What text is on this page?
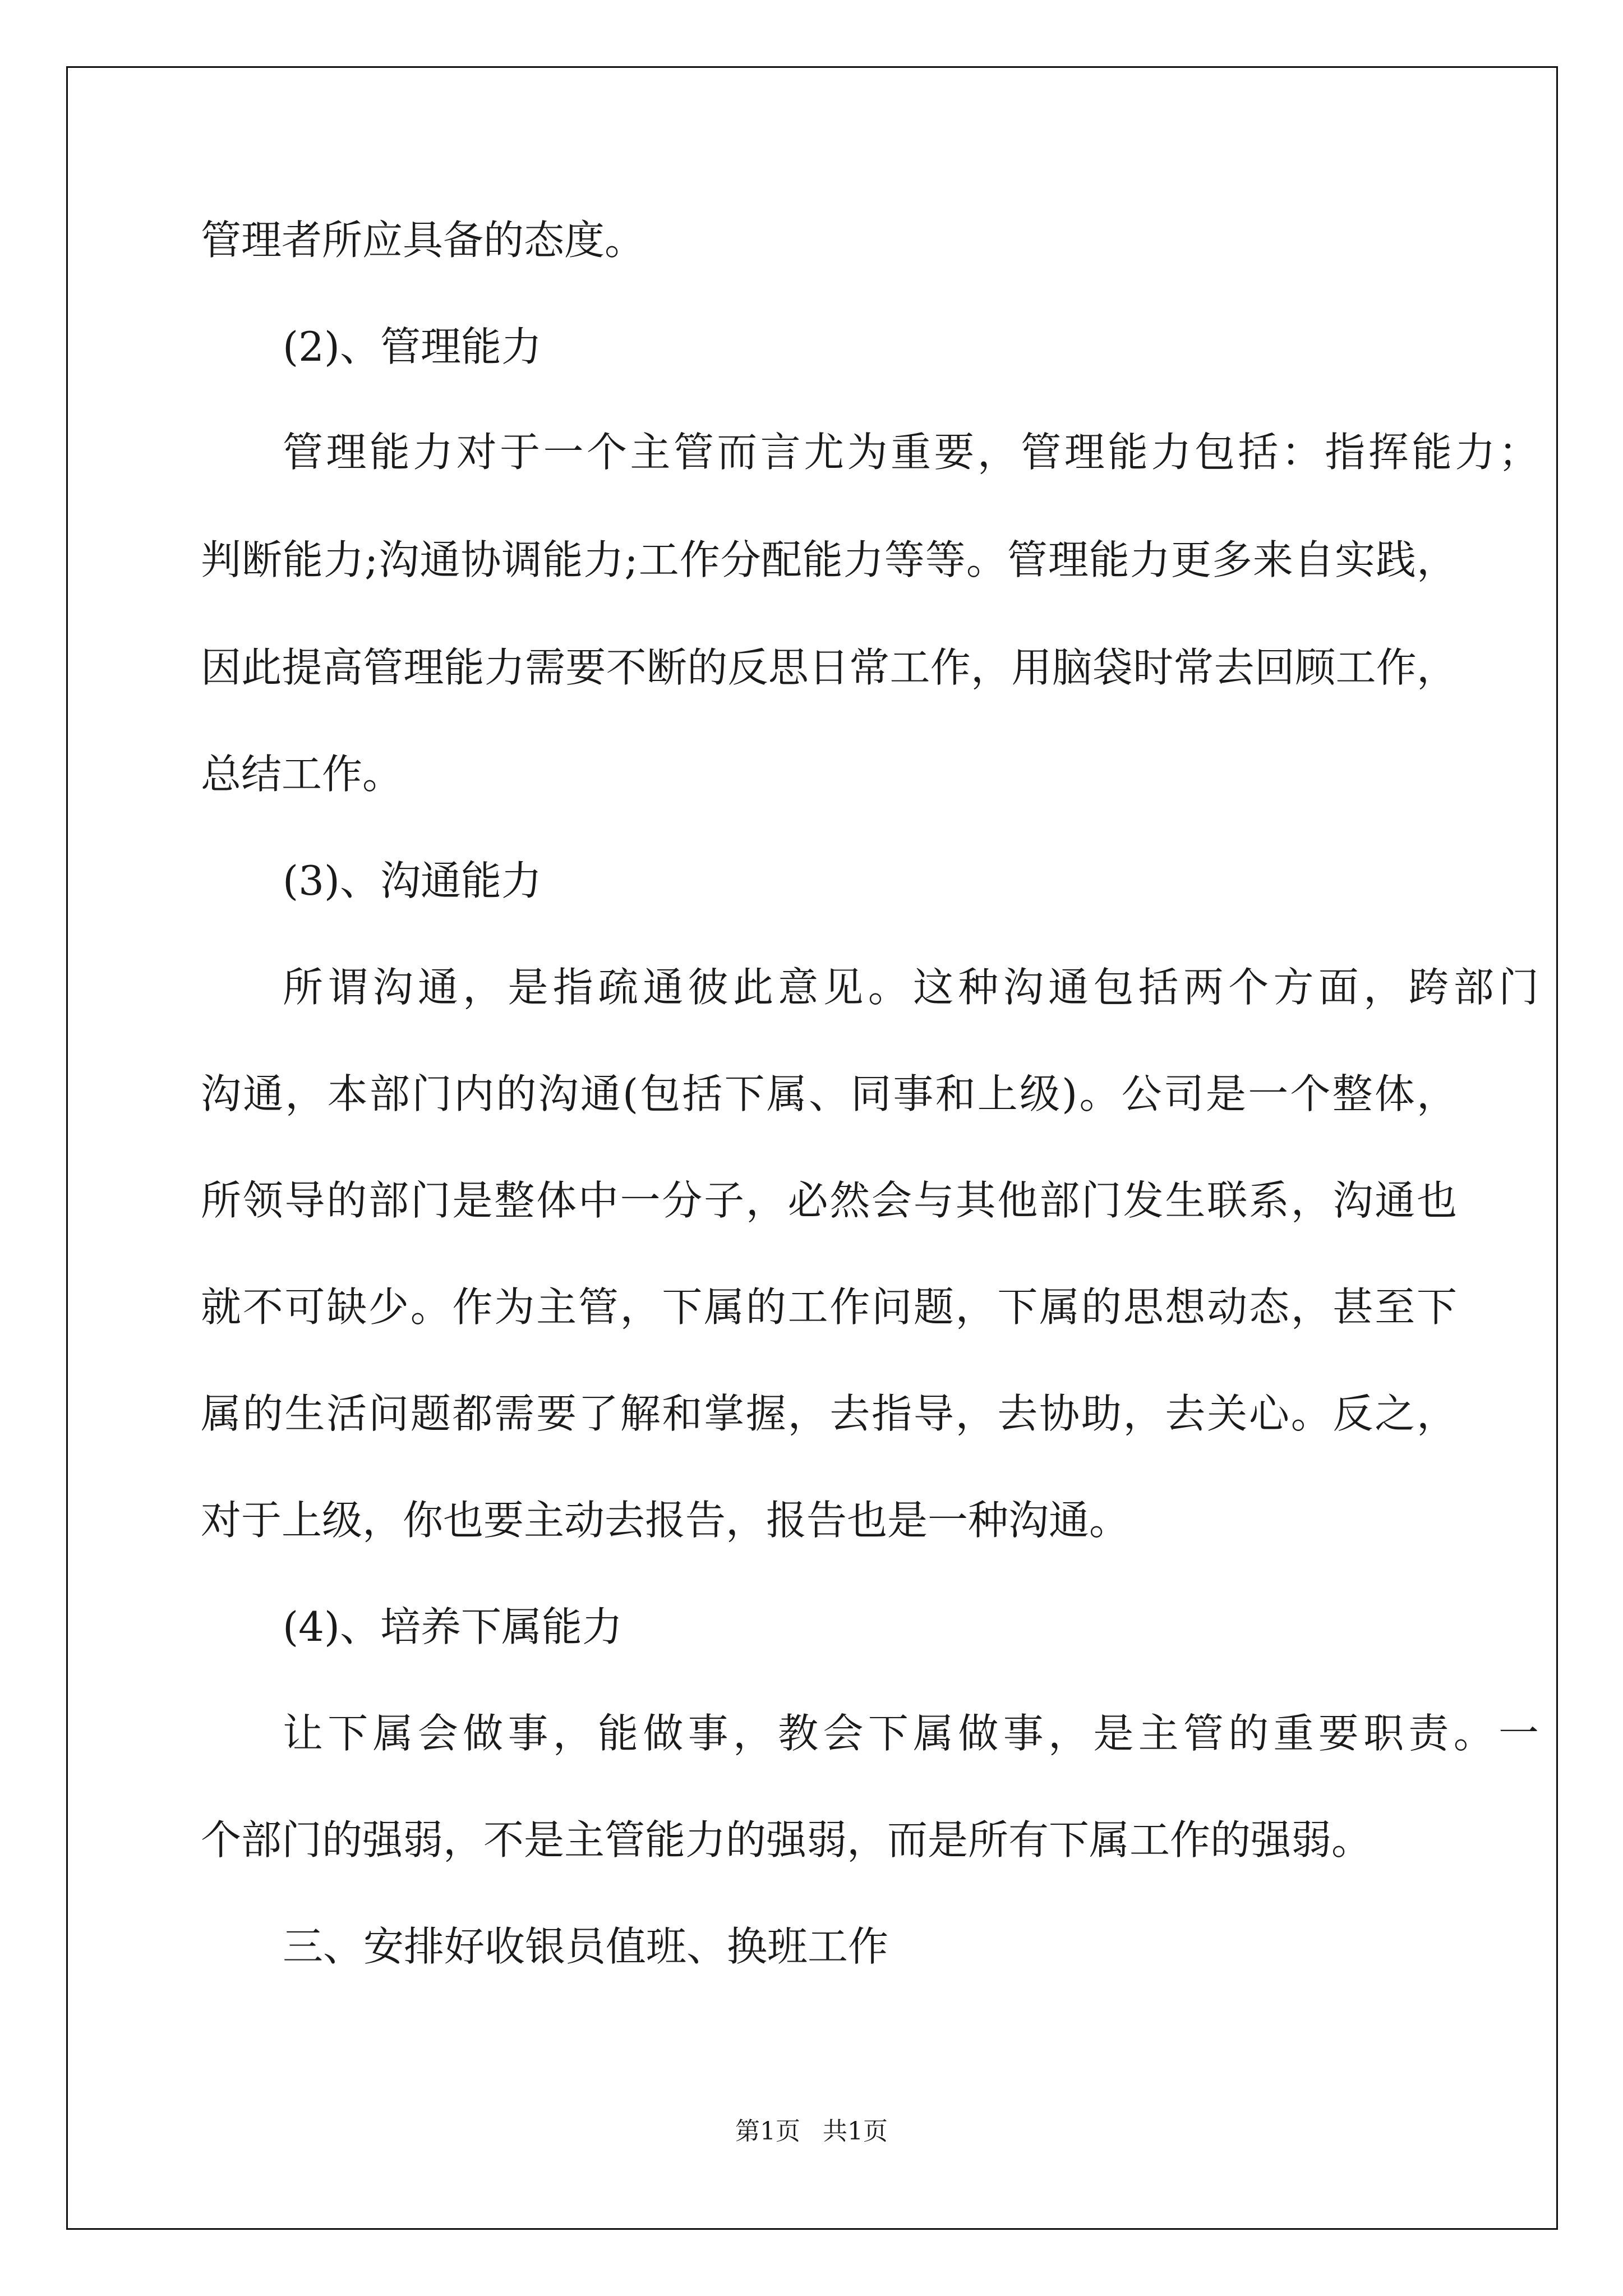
管理者所应具备的态度。
(2)、管理能力
管理能力对于一个主管而言尤为重要，管理能力包括：指挥能力；
判断能力;沟通协调能力;工作分配能力等等。管理能力更多来自实践，
因此提高管理能力需要不断的反思日常工作，用脑袋时常去回顾工作，
总结工作。
(3)、沟通能力
所谓沟通，是指疏通彼此意见。这种沟通包括两个方面，跨部门
沟通，本部门内的沟通(包括下属、同事和上级)。公司是一个整体，
所领导的部门是整体中一分子，必然会与其他部门发生联系，沟通也
就不可缺少。作为主管，下属的工作问题，下属的思想动态，甚至下
属的生活问题都需要了解和掌握，去指导，去协助，去关心。反之，
对于上级，你也要主动去报告，报告也是一种沟通。
(4)、培养下属能力
让下属会做事，能做事，教会下属做事，是主管的重要职责。一
个部门的强弱，不是主管能力的强弱，而是所有下属工作的强弱。
三、安排好收银员值班、换班工作
第1页 共1页
